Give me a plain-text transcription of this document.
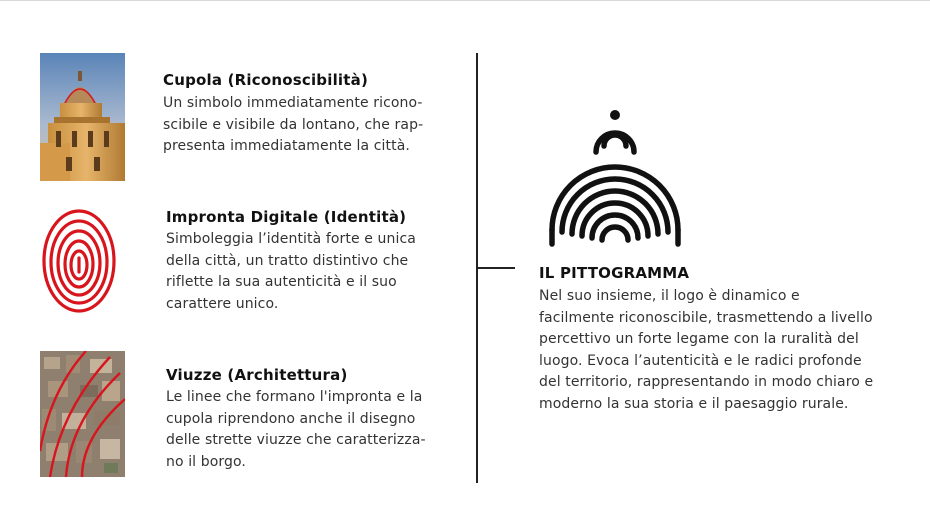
Cupola (Riconoscibilità)

Un simbolo immediatamente ricono-
scibile e visibile da lontano, che rap-
presenta immediatamente la città.

Impronta Digitale (Identità)

Simboleggia l’identità forte e unica
della città, un tratto distintivo che
riflette la sua autenticità e il suo
carattere unico.

Viuzze (Architettura)

Le linee che formano l'impronta e la
cupola riprendono anche il disegno
delle strette viuzze che caratterizza-
no il borgo.

IL PITTOGRAMMA

Nel suo insieme, il logo è dinamico e
facilmente riconoscibile, trasmettendo a livello
percettivo un forte legame con la ruralità del
luogo. Evoca l’autenticità e le radici profonde
del territorio, rappresentando in modo chiaro e
moderno la sua storia e il paesaggio rurale.
